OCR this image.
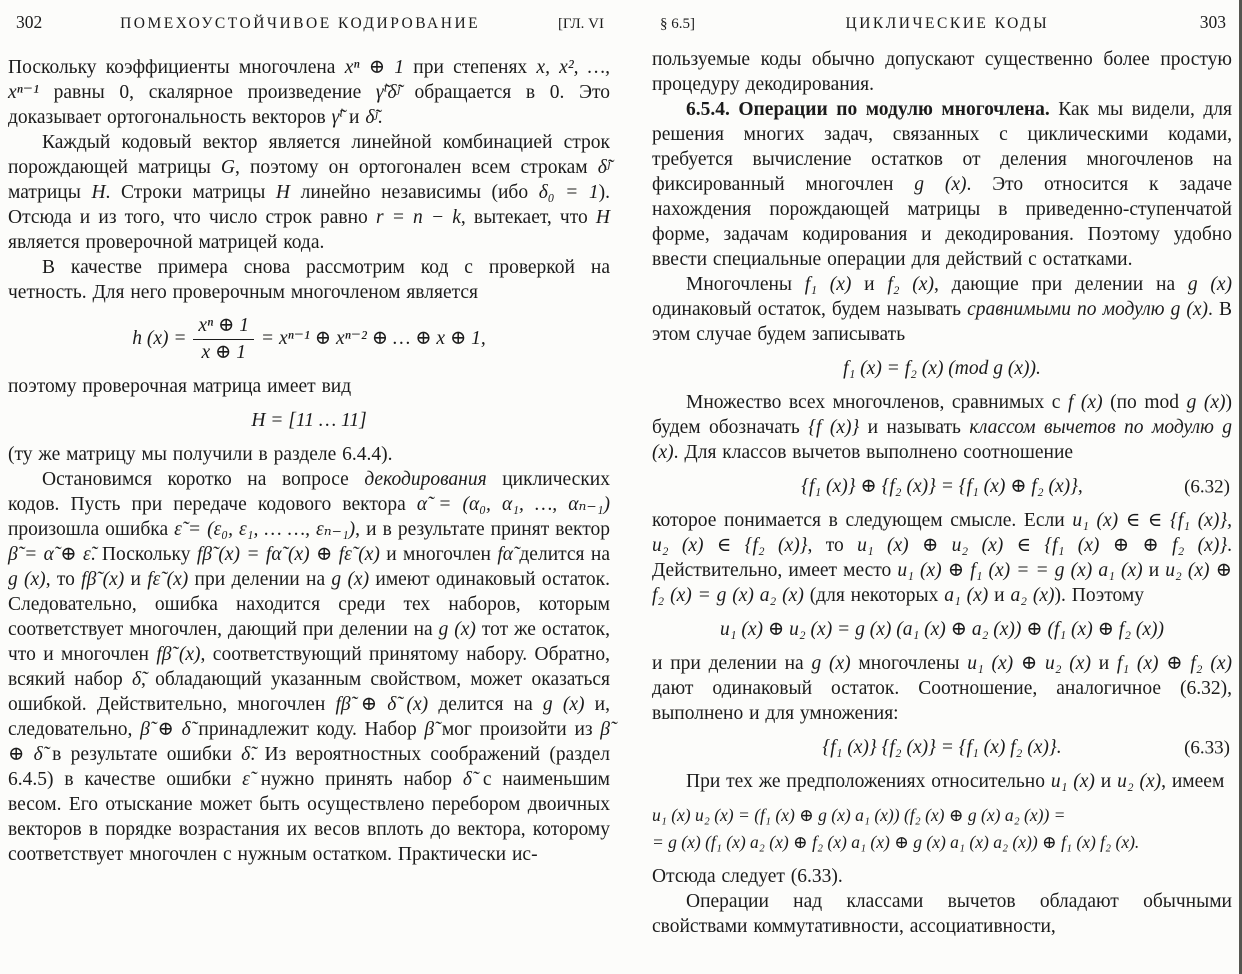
302	ПОМЕХОУСТОЙЧИВОЕ КОДИРОВАНИЕ	[ГЛ. VI

Поскольку коэффициенты многочлена xⁿ ⊕ 1 при степенях x, x², …, xⁿ⁻¹ равны 0, скалярное произведение γ̃ⁱδ̃ʲ обращается в 0. Это доказывает ортогональность векторов γ̃ⁱ и δ̃ʲ.

Каждый кодовый вектор является линейной комбинацией строк порождающей матрицы G, поэтому он ортогонален всем строкам δ̃ʲ матрицы H. Строки матрицы H линейно независимы (ибо δ₀ = 1). Отсюда и из того, что число строк равно r = n − k, вытекает, что H является проверочной матрицей кода.

В качестве примера снова рассмотрим код с проверкой на четность. Для него проверочным многочленом является

h $(x) = \frac{\text{xⁿ ⊕ 1}}{x \oplus 1} = x^{n-1}$ ⊕ xⁿ⁻² ⊕ … ⊕ x ⊕ 1,

поэтому проверочная матрица имеет вид

H = [11 … 11]

(ту же матрицу мы получили в разделе 6.4.4).

Остановимся коротко на вопросе декодирования циклических кодов. Пусть при передаче кодового вектора α̃ = (α₀, α₁, …, αₙ₋₁) произошла ошибка ε̃ = (ε₀, ε₁, … …, εₙ₋₁), и в результате принят вектор β̃ = α̃ ⊕ ε̃. Поскольку fβ̃ (x) = fα̃ (x) ⊕ fε̃ (x) и многочлен fα̃ делится на g (x), то fβ̃ (x) и fε̃ (x) при делении на g (x) имеют одинаковый остаток. Следовательно, ошибка находится среди тех наборов, которым соответствует многочлен, дающий при делении на g (x) тот же остаток, что и многочлен fβ̃ (x), соответствующий принятому набору. Обратно, всякий набор δ̃, обладающий указанным свойством, может оказаться ошибкой. Действительно, многочлен fβ̃ ⊕ δ̃ (x) делится на g (x) и, следовательно, β̃ ⊕ δ̃ принадлежит коду. Набор β̃ мог произойти из β̃ ⊕ δ̃ в результате ошибки δ̃. Из вероятностных соображений (раздел 6.4.5) в качестве ошибки ε̃ нужно принять набор δ̃ с наименьшим весом. Его отыскание может быть осуществлено перебором двоичных векторов в порядке возрастания их весов вплоть до вектора, которому соответствует многочлен с нужным остатком. Практически ис-

§ 6.5]	ЦИКЛИЧЕСКИЕ КОДЫ	303

пользуемые коды обычно допускают существенно более простую процедуру декодирования.

6.5.4. Операции по модулю многочлена. Как мы видели, для решения многих задач, связанных с циклическими кодами, требуется вычисление остатков от деления многочленов на фиксированный многочлен g (x). Это относится к задаче нахождения порождающей матрицы в приведенно-ступенчатой форме, задачам кодирования и декодирования. Поэтому удобно ввести специальные операции для действий с остатками.

Многочлены f₁ (x) и f₂ (x), дающие при делении на g (x) одинаковый остаток, будем называть сравнимыми по модулю g (x). В этом случае будем записывать

f₁ (x) = f₂ (x) (mod g (x)).

Множество всех многочленов, сравнимых с f (x) (по mod g (x)) будем обозначать {f (x)} и называть классом вычетов по модулю g (x). Для классов вычетов выполнено соотношение

{f₁ (x)} ⊕ {f₂ (x)} = {f₁ (x) ⊕ f₂ (x)},	(6.32)

которое понимается в следующем смысле. Если u₁ (x) ∈ ∈ {f₁ (x)}, u₂ (x) ∈ {f₂ (x)}, то u₁ (x) ⊕ u₂ (x) ∈ {f₁ (x) ⊕ ⊕ f₂ (x)}. Действительно, имеет место u₁ (x) ⊕ f₁ (x) = = g (x) a₁ (x) и u₂ (x) ⊕ f₂ (x) = g (x) a₂ (x) (для некоторых a₁ (x) и a₂ (x)). Поэтому

u₁ (x) ⊕ u₂ (x) = g (x) (a₁ (x) ⊕ a₂ (x)) ⊕ (f₁ (x) ⊕ f₂ (x))

и при делении на g (x) многочлены u₁ (x) ⊕ u₂ (x) и f₁ (x) ⊕ f₂ (x) дают одинаковый остаток. Соотношение, аналогичное (6.32), выполнено и для умножения:

{f₁ (x)} {f₂ (x)} = {f₁ (x) f₂ (x)}.	(6.33)

При тех же предположениях относительно u₁ (x) и u₂ (x), имеем

u₁ (x) u₂ (x) = (f₁ (x) ⊕ g (x) a₁ (x)) (f₂ (x) ⊕ g (x) a₂ (x)) =
= g (x) (f₁ (x) a₂ (x) ⊕ f₂ (x) a₁ (x) ⊕ g (x) a₁ (x) a₂ (x)) ⊕ f₁ (x) f₂ (x).

Отсюда следует (6.33).

Операции над классами вычетов обладают обычными свойствами коммутативности, ассоциативности,
